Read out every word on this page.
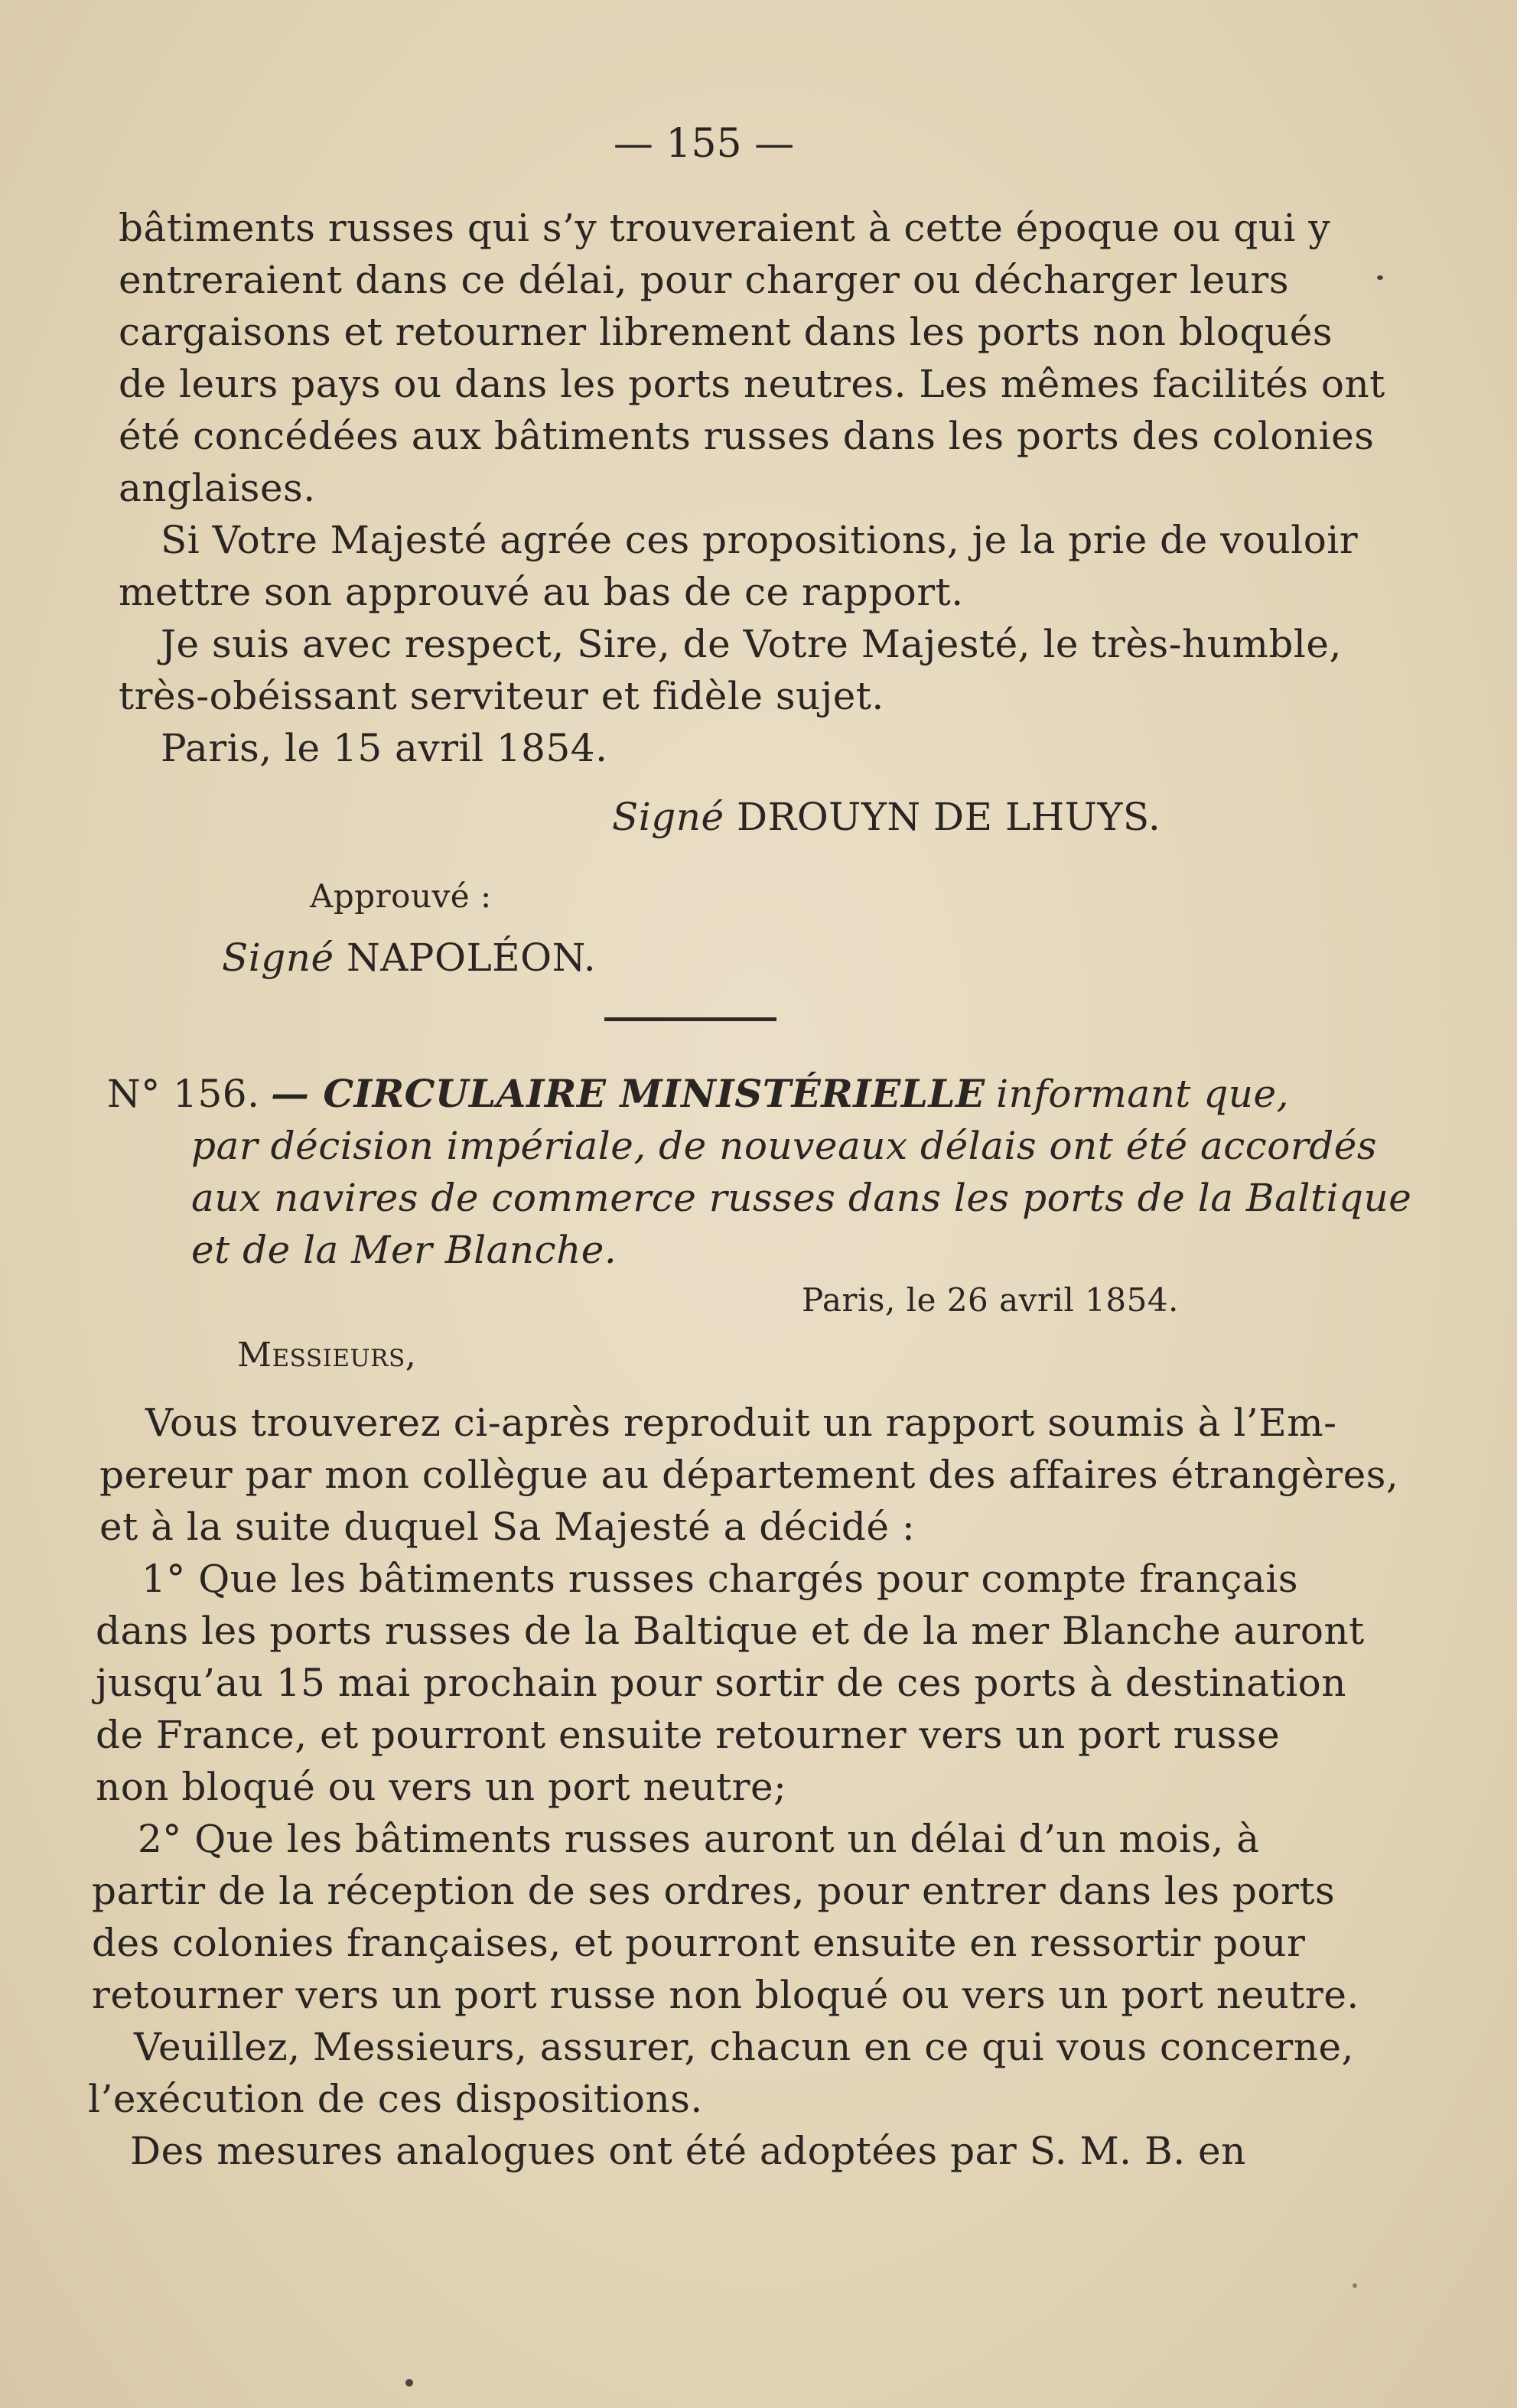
— 155 —
bâtiments russes qui s’y trouveraient à cette époque ou qui y
entreraient dans ce délai, pour charger ou décharger leurs
cargaisons et retourner librement dans les ports non bloqués
de leurs pays ou dans les ports neutres. Les mêmes facilités ont
été concédées aux bâtiments russes dans les ports des colonies
anglaises.
Si Votre Majesté agrée ces propositions, je la prie de vouloir
mettre son approuvé au bas de ce rapport.
Je suis avec respect, Sire, de Votre Majesté, le très-humble,
très-obéissant serviteur et fidèle sujet.
Paris, le 15 avril 1854.
Signé DROUYN DE LHUYS.
Approuvé :
Signé NAPOLÉON.
N° 156. — CIRCULAIRE MINISTÉRIELLE informant que,
par décision impériale, de nouveaux délais ont été accordés
aux navires de commerce russes dans les ports de la Baltique
et de la Mer Blanche.
Paris, le 26 avril 1854.
Messieurs,
Vous trouverez ci-après reproduit un rapport soumis à l’Em-
pereur par mon collègue au département des affaires étrangères,
et à la suite duquel Sa Majesté a décidé :
1° Que les bâtiments russes chargés pour compte français
dans les ports russes de la Baltique et de la mer Blanche auront
jusqu’au 15 mai prochain pour sortir de ces ports à destination
de France, et pourront ensuite retourner vers un port russe
non bloqué ou vers un port neutre;
2° Que les bâtiments russes auront un délai d’un mois, à
partir de la réception de ses ordres, pour entrer dans les ports
des colonies françaises, et pourront ensuite en ressortir pour
retourner vers un port russe non bloqué ou vers un port neutre.
Veuillez, Messieurs, assurer, chacun en ce qui vous concerne,
l’exécution de ces dispositions.
Des mesures analogues ont été adoptées par S. M. B. en
